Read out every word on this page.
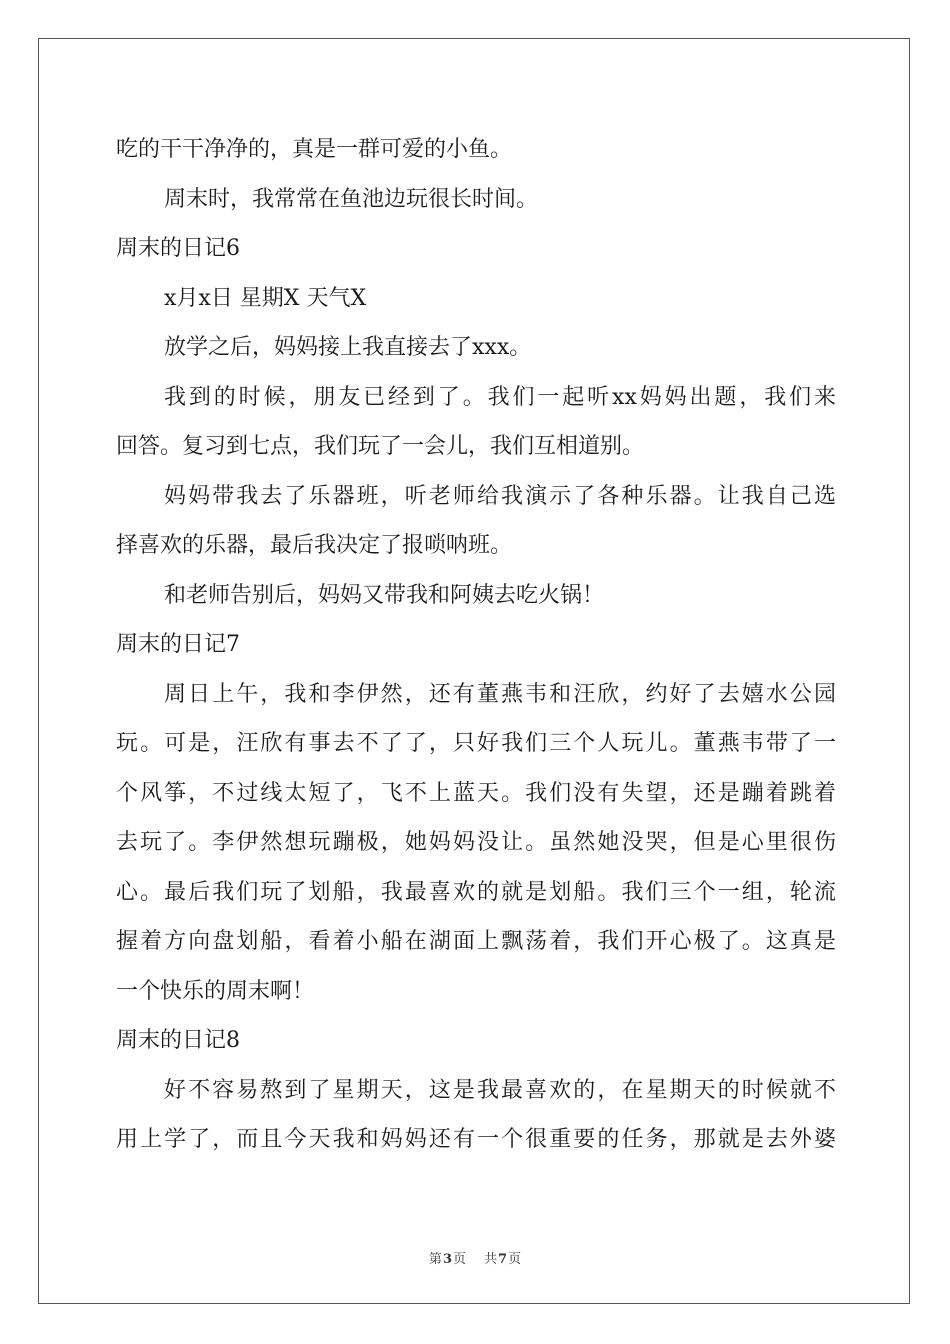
吃的干干净净的，真是一群可爱的小鱼。
周末时，我常常在鱼池边玩很长时间。
周末的日记6
x月x日 星期X 天气X
放学之后，妈妈接上我直接去了xxx。
我到的时候，朋友已经到了。我们一起听xx妈妈出题，我们来
回答。复习到七点，我们玩了一会儿，我们互相道别。
妈妈带我去了乐器班，听老师给我演示了各种乐器。让我自己选
择喜欢的乐器，最后我决定了报唢呐班。
和老师告别后，妈妈又带我和阿姨去吃火锅！
周末的日记7
周日上午，我和李伊然，还有董燕韦和汪欣，约好了去嬉水公园
玩。可是，汪欣有事去不了了，只好我们三个人玩儿。董燕韦带了一
个风筝，不过线太短了，飞不上蓝天。我们没有失望，还是蹦着跳着
去玩了。李伊然想玩蹦极，她妈妈没让。虽然她没哭，但是心里很伤
心。最后我们玩了划船，我最喜欢的就是划船。我们三个一组，轮流
握着方向盘划船，看着小船在湖面上飘荡着，我们开心极了。这真是
一个快乐的周末啊！
周末的日记8
好不容易熬到了星期天，这是我最喜欢的，在星期天的时候就不
用上学了，而且今天我和妈妈还有一个很重要的任务，那就是去外婆
第3页 共7页
